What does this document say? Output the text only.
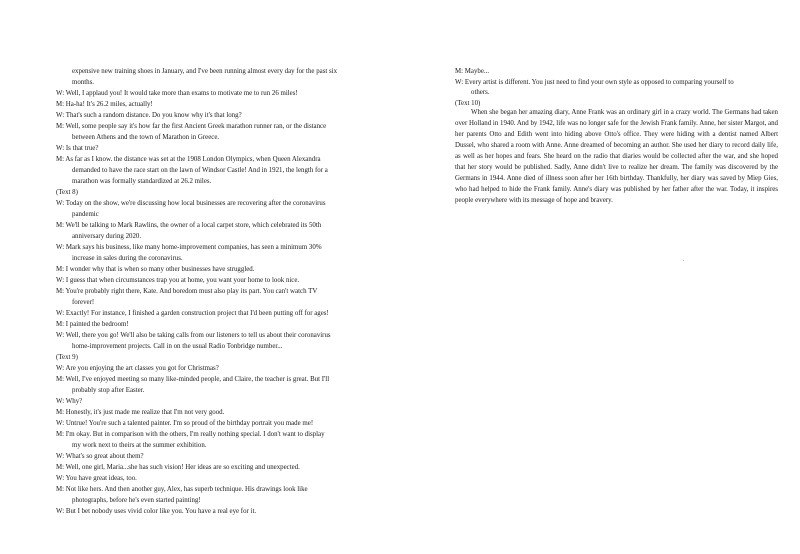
expensive new training shoes in January, and I've been running almost every day for the past six
months.
W: Well, I applaud you! It would take more than exams to motivate me to run 26 miles!
M: Ha-ha! It's 26.2 miles, actually!
W: That's such a random distance. Do you know why it's that long?
M: Well, some people say it's how far the first Ancient Greek marathon runner ran, or the distance
between Athens and the town of Marathon in Greece.
W: Is that true?
M: As far as I know. the distance was set at the 1908 London Olympics, when Queen Alexandra
demanded to have the race start on the lawn of Windsor Castle! And in 1921, the length for a
marathon was formally standardized at 26.2 miles.
(Text 8)
W: Today on the show, we're discussing how local businesses are recovering after the coronavirus
pandemic
M: We'll be talking to Mark Rawlins, the owner of a local carpet store, which celebrated its 50th
anniversary during 2020.
W: Mark says his business, like many home-improvement companies, has seen a minimum 30%
increase in sales during the coronavirus.
M: I wonder why that is when so many other businesses have struggled.
W: I guess that when circumstances trap you at home, you want your home to look nice.
M: You're probably right there, Kate. And boredom must also play its part. You can't watch TV
forever!
W: Exactly! For instance, I finished a garden construction project that I'd been putting off for ages!
M: I painted the bedroom!
W: Well, there you go! We'll also be taking calls from our listeners to tell us about their coronavirus
home-improvement projects. Call in on the usual Radio Tonbridge number...
(Text 9)
W: Are you enjoying the art classes you got for Christmas?
M: Well, I've enjoyed meeting so many like-minded people, and Claire, the teacher is great. But I'll
probably stop after Easter.
W: Why?
M: Honestly, it's just made me realize that I'm not very good.
W: Untrue! You're such a talented painter. I'm so proud of the birthday portrait you made me!
M: I'm okay. But in comparison with the others, I'm really nothing special. I don't want to display
my work next to theirs at the summer exhibition.
W: What's so great about them?
M: Well, one girl, Maria...she has such vision! Her ideas are so exciting and unexpected.
W: You have great ideas, too.
M: Not like hers. And then another guy, Alex, has superb technique. His drawings look like
photographs, before he's even started painting!
W: But I bet nobody uses vivid color like you. You have a real eye for it.
M: Maybe...
W: Every artist is different. You just need to find your own style as opposed to comparing yourself to
others.
(Text 10)

When she began her amazing diary, Anne Frank was an ordinary girl in a crazy world. The Germans had taken over Holland in 1940. And by 1942, life was no longer safe for the Jewish Frank family. Anne, her sister Margot, and her parents Otto and Edith went into hiding above Otto's office. They were hiding with a dentist named Albert Dussel, who shared a room with Anne. Anne dreamed of becoming an author. She used her diary to record daily life, as well as her hopes and fears. She heard on the radio that diaries would be collected after the war, and she hoped that her story would be published. Sadly, Anne didn't live to realize her dream. The family was discovered by the Germans in 1944. Anne died of illness soon after her 16th birthday. Thankfully, her diary was saved by Miep Gies, who had helped to hide the Frank family. Anne's diary was published by her father after the war. Today, it inspires people everywhere with its message of hope and bravery.
